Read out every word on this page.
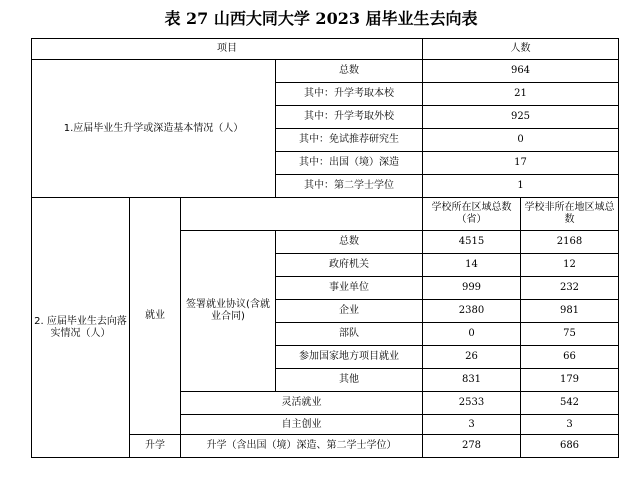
表 27 山西大同大学 2023 届毕业生去向表
项目				人数	
1.应届毕业生升学或深造基本情况（人）			总数	964	
			其中：升学考取本校	21	
			其中：升学考取外校	925	
			其中：免试推荐研究生	0	
			其中：出国（境）深造	17	
			其中：第二学士学位	1	
2. 应届毕业生去向落实情况（人）	就业			学校所在区域总数（省）	学校非所在地区域总数
		签署就业协议(含就业合同)	总数	4515	2168
			政府机关	14	12
			事业单位	999	232
			企业	2380	981
			部队	0	75
			参加国家地方项目就业	26	66
			其他	831	179
		灵活就业		2533	542
		自主创业		3	3
	升学	升学（含出国（境）深造、第二学士学位）		278	686
